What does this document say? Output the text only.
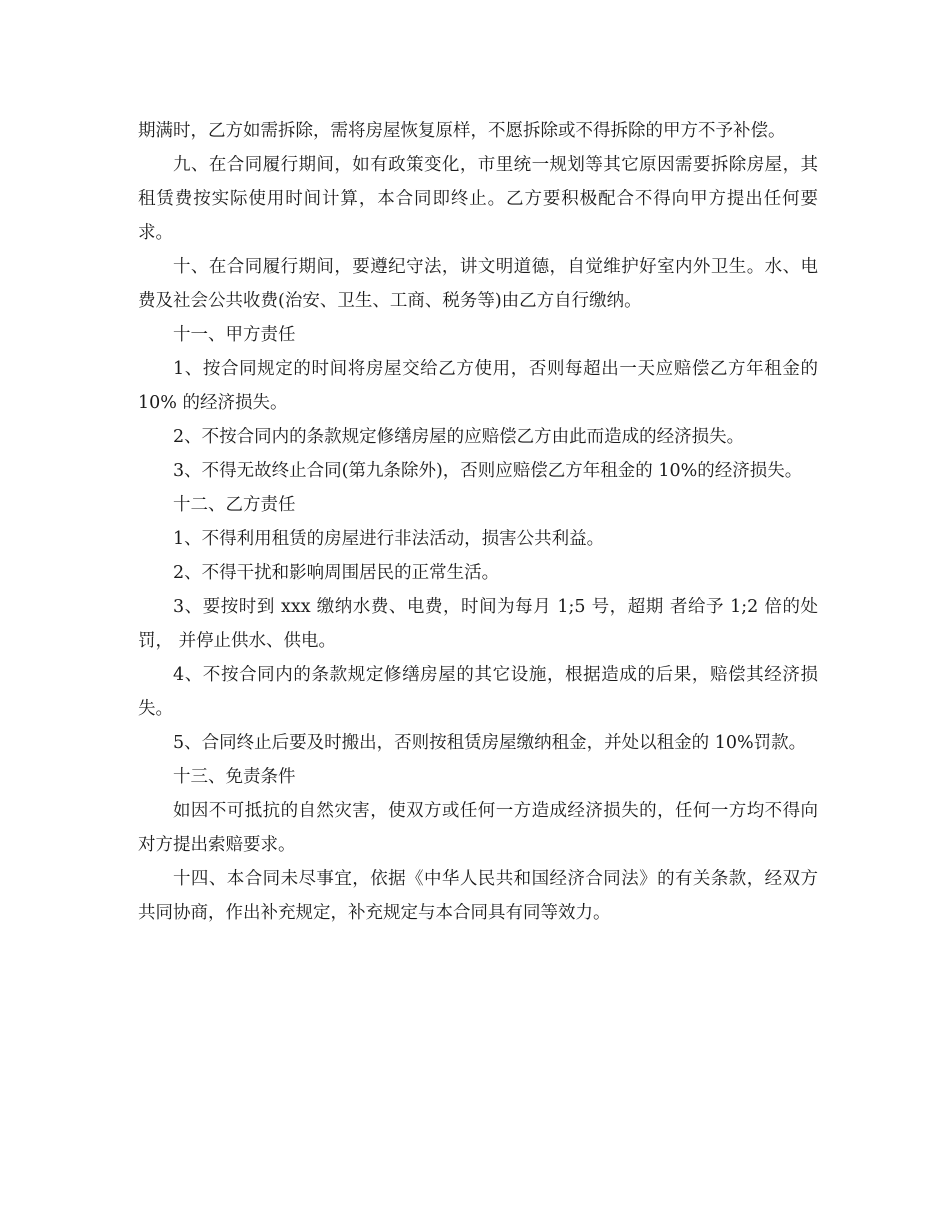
期满时，乙方如需拆除，需将房屋恢复原样，不愿拆除或不得拆除的甲方不予补偿。

九、在合同履行期间，如有政策变化，市里统一规划等其它原因需要拆除房屋，其租赁费按实际使用时间计算，本合同即终止。乙方要积极配合不得向甲方提出任何要求。

十、在合同履行期间，要遵纪守法，讲文明道德，自觉维护好室内外卫生。水、电费及社会公共收费(治安、卫生、工商、税务等)由乙方自行缴纳。

十一、甲方责任

1、按合同规定的时间将房屋交给乙方使用，否则每超出一天应赔偿乙方年租金的 10% 的经济损失。

2、不按合同内的条款规定修缮房屋的应赔偿乙方由此而造成的经济损失。

3、不得无故终止合同(第九条除外)，否则应赔偿乙方年租金的 10%的经济损失。

十二、乙方责任

1、不得利用租赁的房屋进行非法活动，损害公共利益。

2、不得干扰和影响周围居民的正常生活。

3、要按时到 xxx 缴纳水费、电费，时间为每月 1;5 号，超期 者给予 1;2 倍的处罚， 并停止供水、供电。

4、不按合同内的条款规定修缮房屋的其它设施，根据造成的后果，赔偿其经济损失。

5、合同终止后要及时搬出，否则按租赁房屋缴纳租金，并处以租金的 10%罚款。

十三、免责条件

如因不可抵抗的自然灾害，使双方或任何一方造成经济损失的，任何一方均不得向对方提出索赔要求。

十四、本合同未尽事宜，依据《中华人民共和国经济合同法》的有关条款，经双方共同协商，作出补充规定，补充规定与本合同具有同等效力。
